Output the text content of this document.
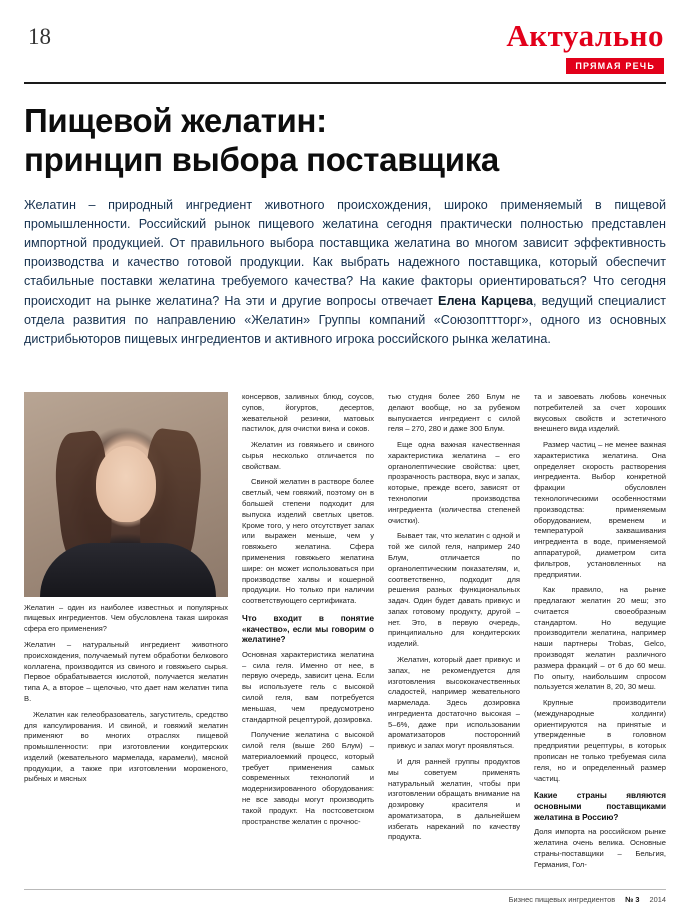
18	Актуально
ПРЯМАЯ РЕЧЬ
Пищевой желатин:
принцип выбора поставщика
Желатин – природный ингредиент животного происхождения, широко применяемый в пищевой промышленности. Российский рынок пищевого желатина сегодня практически полностью представлен импортной продукцией. От правильного выбора поставщика желатина во многом зависит эффективность производства и качество готовой продукции. Как выбрать надежного поставщика, который обеспечит стабильные поставки желатина требуемого качества? На какие факторы ориентироваться? Что сегодня происходит на рынке желатина? На эти и другие вопросы отвечает Елена Карцева, ведущий специалист отдела развития по направлению «Желатин» Группы компаний «Союзопттторг», одного из основных дистрибьюторов пищевых ингредиентов и активного игрока российского рынка желатина.
Желатин – один из наиболее известных и популярных пищевых ингредиентов. Чем обусловлена такая широкая сфера его применения?

Желатин – натуральный ингредиент животного происхождения, получаемый путем обработки белкового коллагена, производится из свиного и говяжьего сырья. Первое обрабатывается кислотой, получается желатин типа А, а второе – щелочью, что дает нам желатин типа В.

Желатин как гелеобразователь, загуститель, средство для капсулирования. И свиной, и говяжий желатин применяют во многих отраслях пищевой промышленности: при изготовлении кондитерских изделий (жевательного мармелада, карамели), мясной продукции, а также при изготовлении мороженого, рыбных и мясных

консервов, заливных блюд, соусов, супов, йогуртов, десертов, жевательной резинки, матовых пастилок, для очистки вина и соков.

Желатин из говяжьего и свиного сырья несколько отличается по свойствам.

Свиной желатин в растворе более светлый, чем говяжий, поэтому он в большей степени подходит для выпуска изделий светлых цветов. Кроме того, у него отсутствует запах или выражен меньше, чем у говяжьего желатина. Сфера применения говяжьего желатина шире: он может использоваться при производстве халвы и кошерной продукции. Но только при наличии соответствующего сертификата.

Что входит в понятие «качество», если мы говорим о желатине?

Основная характеристика желатина – сила геля. Именно от нее, в первую очередь, зависит цена. Если вы используете гель с высокой силой геля, вам потребуется меньшая, чем предусмотрено стандартной рецептурой, дозировка.

Получение желатина с высокой силой геля (выше 260 Блум) – материалоемкий процесс, который требует применения самых современных технологий и модернизированного оборудования: не все заводы могут производить такой продукт. На постсоветском пространстве желатин с прочнос-

тью студня более 260 Блум не делают вообще, но за рубежом выпускается ингредиент с силой геля – 270, 280 и даже 300 Блум.

Еще одна важная качественная характеристика желатина – его органолептические свойства: цвет, прозрачность раствора, вкус и запах, которые, прежде всего, зависят от технологии производства ингредиента (количества степеней очистки).

Бывает так, что желатин с одной и той же силой геля, например 240 Блум, отличается по органолептическим показателям, и, соответственно, подходит для решения разных функциональных задач. Один будет давать привкус и запах готовому продукту, другой – нет. Это, в первую очередь, принципиально для кондитерских изделий.

Желатин, который дает привкус и запах, не рекомендуется для изготовления высококачественных сладостей, например жевательного мармелада. Здесь дозировка ингредиента достаточно высокая – 5–6%, даже при использовании ароматизаторов посторонний привкус и запах могут проявляться.

И для ранней группы продуктов мы советуем применять натуральный желатин, чтобы при изготовлении обращать внимание на дозировку красителя и ароматизатора, в дальнейшем избегать нареканий по качеству продукта.

та и завоевать любовь конечных потребителей за счет хороших вкусовых свойств и эстетичного внешнего вида изделий.

Размер частиц – не менее важная характеристика желатина. Она определяет скорость растворения ингредиента. Выбор конкретной фракции обусловлен технологическими особенностями производства: применяемым оборудованием, временем и температурой заквашивания ингредиента в воде, применяемой аппаратурой, диаметром сита фильтров, установленных на предприятии.

Как правило, на рынке предлагают желатин 20 меш; это считается своеобразным стандартом. Но ведущие производители желатина, например наши партнеры Trobas, Gelco, производят желатин различного размера фракций – от 6 до 60 меш. По опыту, наибольшим спросом пользуется желатин 8, 20, 30 меш.

Крупные производители (международные холдинги) ориентируются на принятые и утвержденные в головном предприятии рецептуры, в которых прописан не только требуемая сила геля, но и определенный размер частиц.

Какие страны являются основными поставщиками желатина в Россию?

Доля импорта на российском рынке желатина очень велика. Основные страны-поставщики – Бельгия, Германия, Гол-

Бизнес пищевых ингредиентов № 3 2014
